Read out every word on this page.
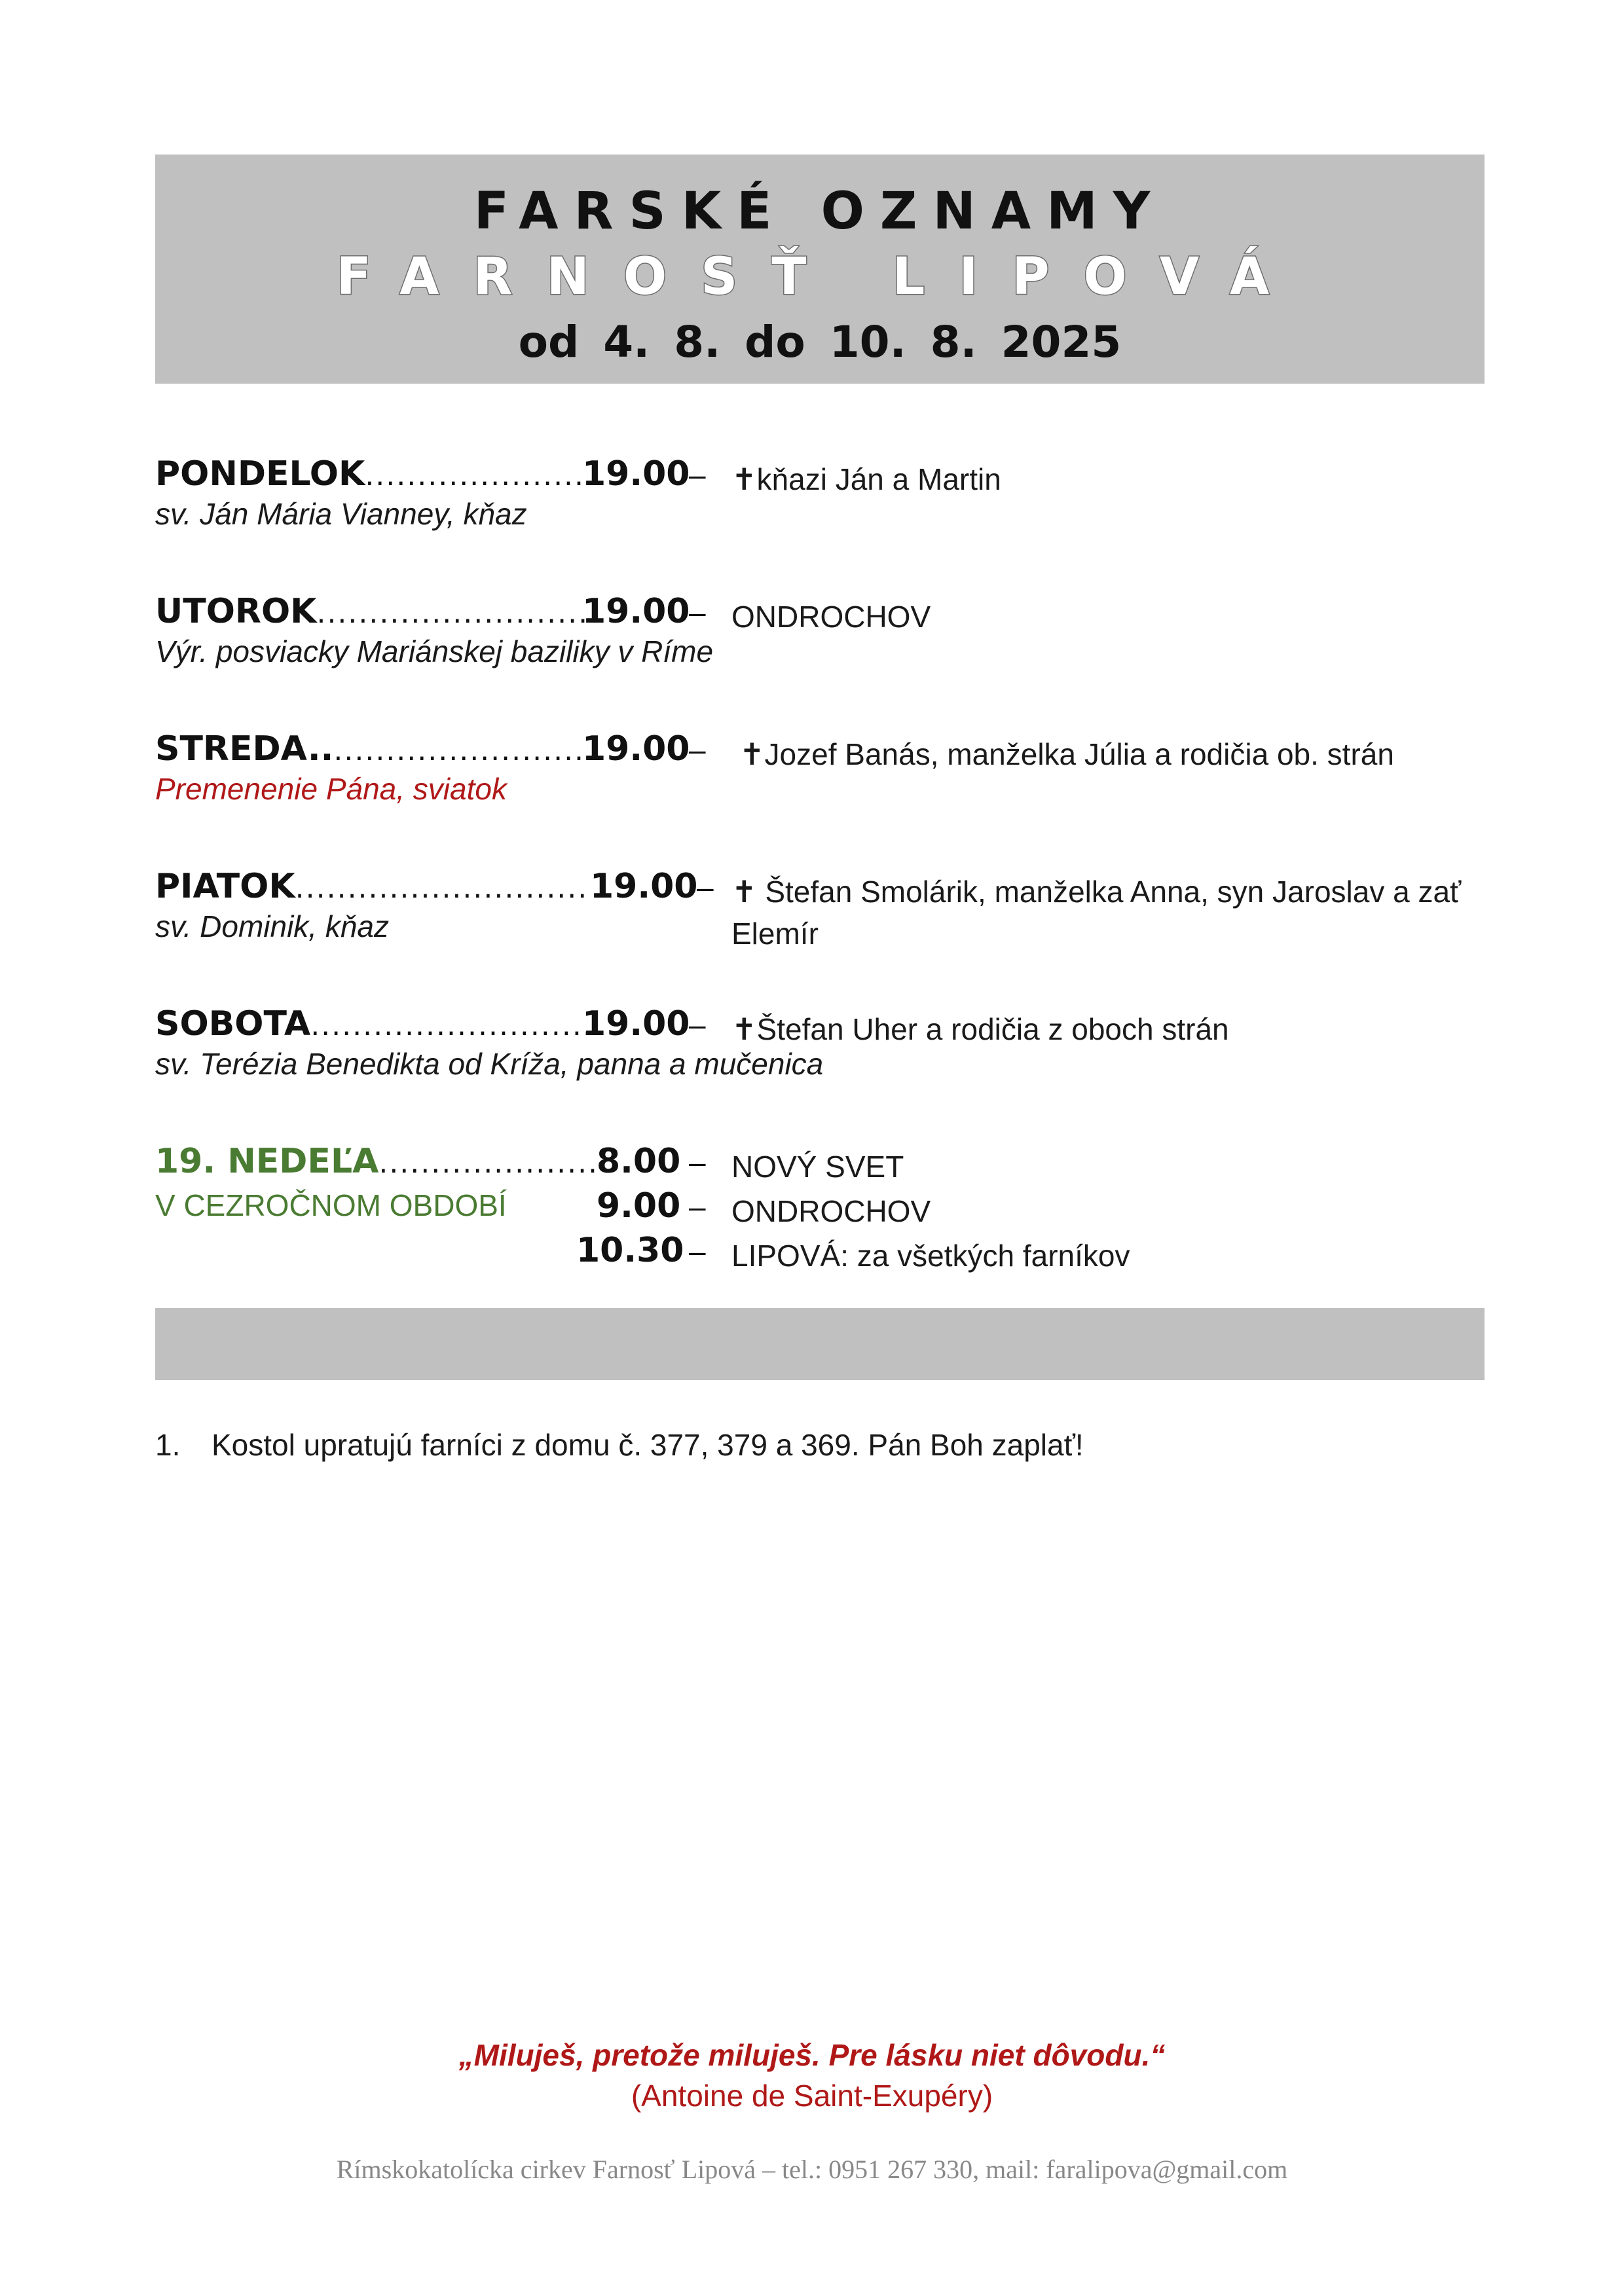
FARSKÉ OZNAMY
FARNOSŤ LIPOVÁ
od 4. 8. do 10. 8. 2025
PONDELOK......................
19.00
– ✝kňazi Ján a Martin
sv. Ján Mária Vianney, kňaz
UTOROK...........................
19.00
– ONDROCHOV
Výr. posviacky Mariánskej baziliky v Ríme
STREDA............................
19.00
– ✝Jozef Banás, manželka Júlia a rodičia ob. strán
Premenenie Pána, sviatok
PIATOK............................ 19.00
– ✝ Štefan Smolárik, manželka Anna, syn Jaroslav a zať Elemír
sv. Dominik, kňaz
SOBOTA...........................
19.00
– ✝Štefan Uher a rodičia z oboch strán
sv. Terézia Benedikta od Kríža, panna a mučenica
19. NEDEĽA.....................
V CEZROČNOM OBDOBÍ
8.00 – NOVÝ SVET
9.00 – ONDROCHOV
10.30 – LIPOVÁ: za všetkých farníkov
1. Kostol upratujú farníci z domu č. 377, 379 a 369. Pán Boh zaplať!
„Miluješ, pretože miluješ. Pre lásku niet dôvodu.“
(Antoine de Saint-Exupéry)
Rímskokatolícka cirkev Farnosť Lipová – tel.: 0951 267 330, mail: faralipova@gmail.com
